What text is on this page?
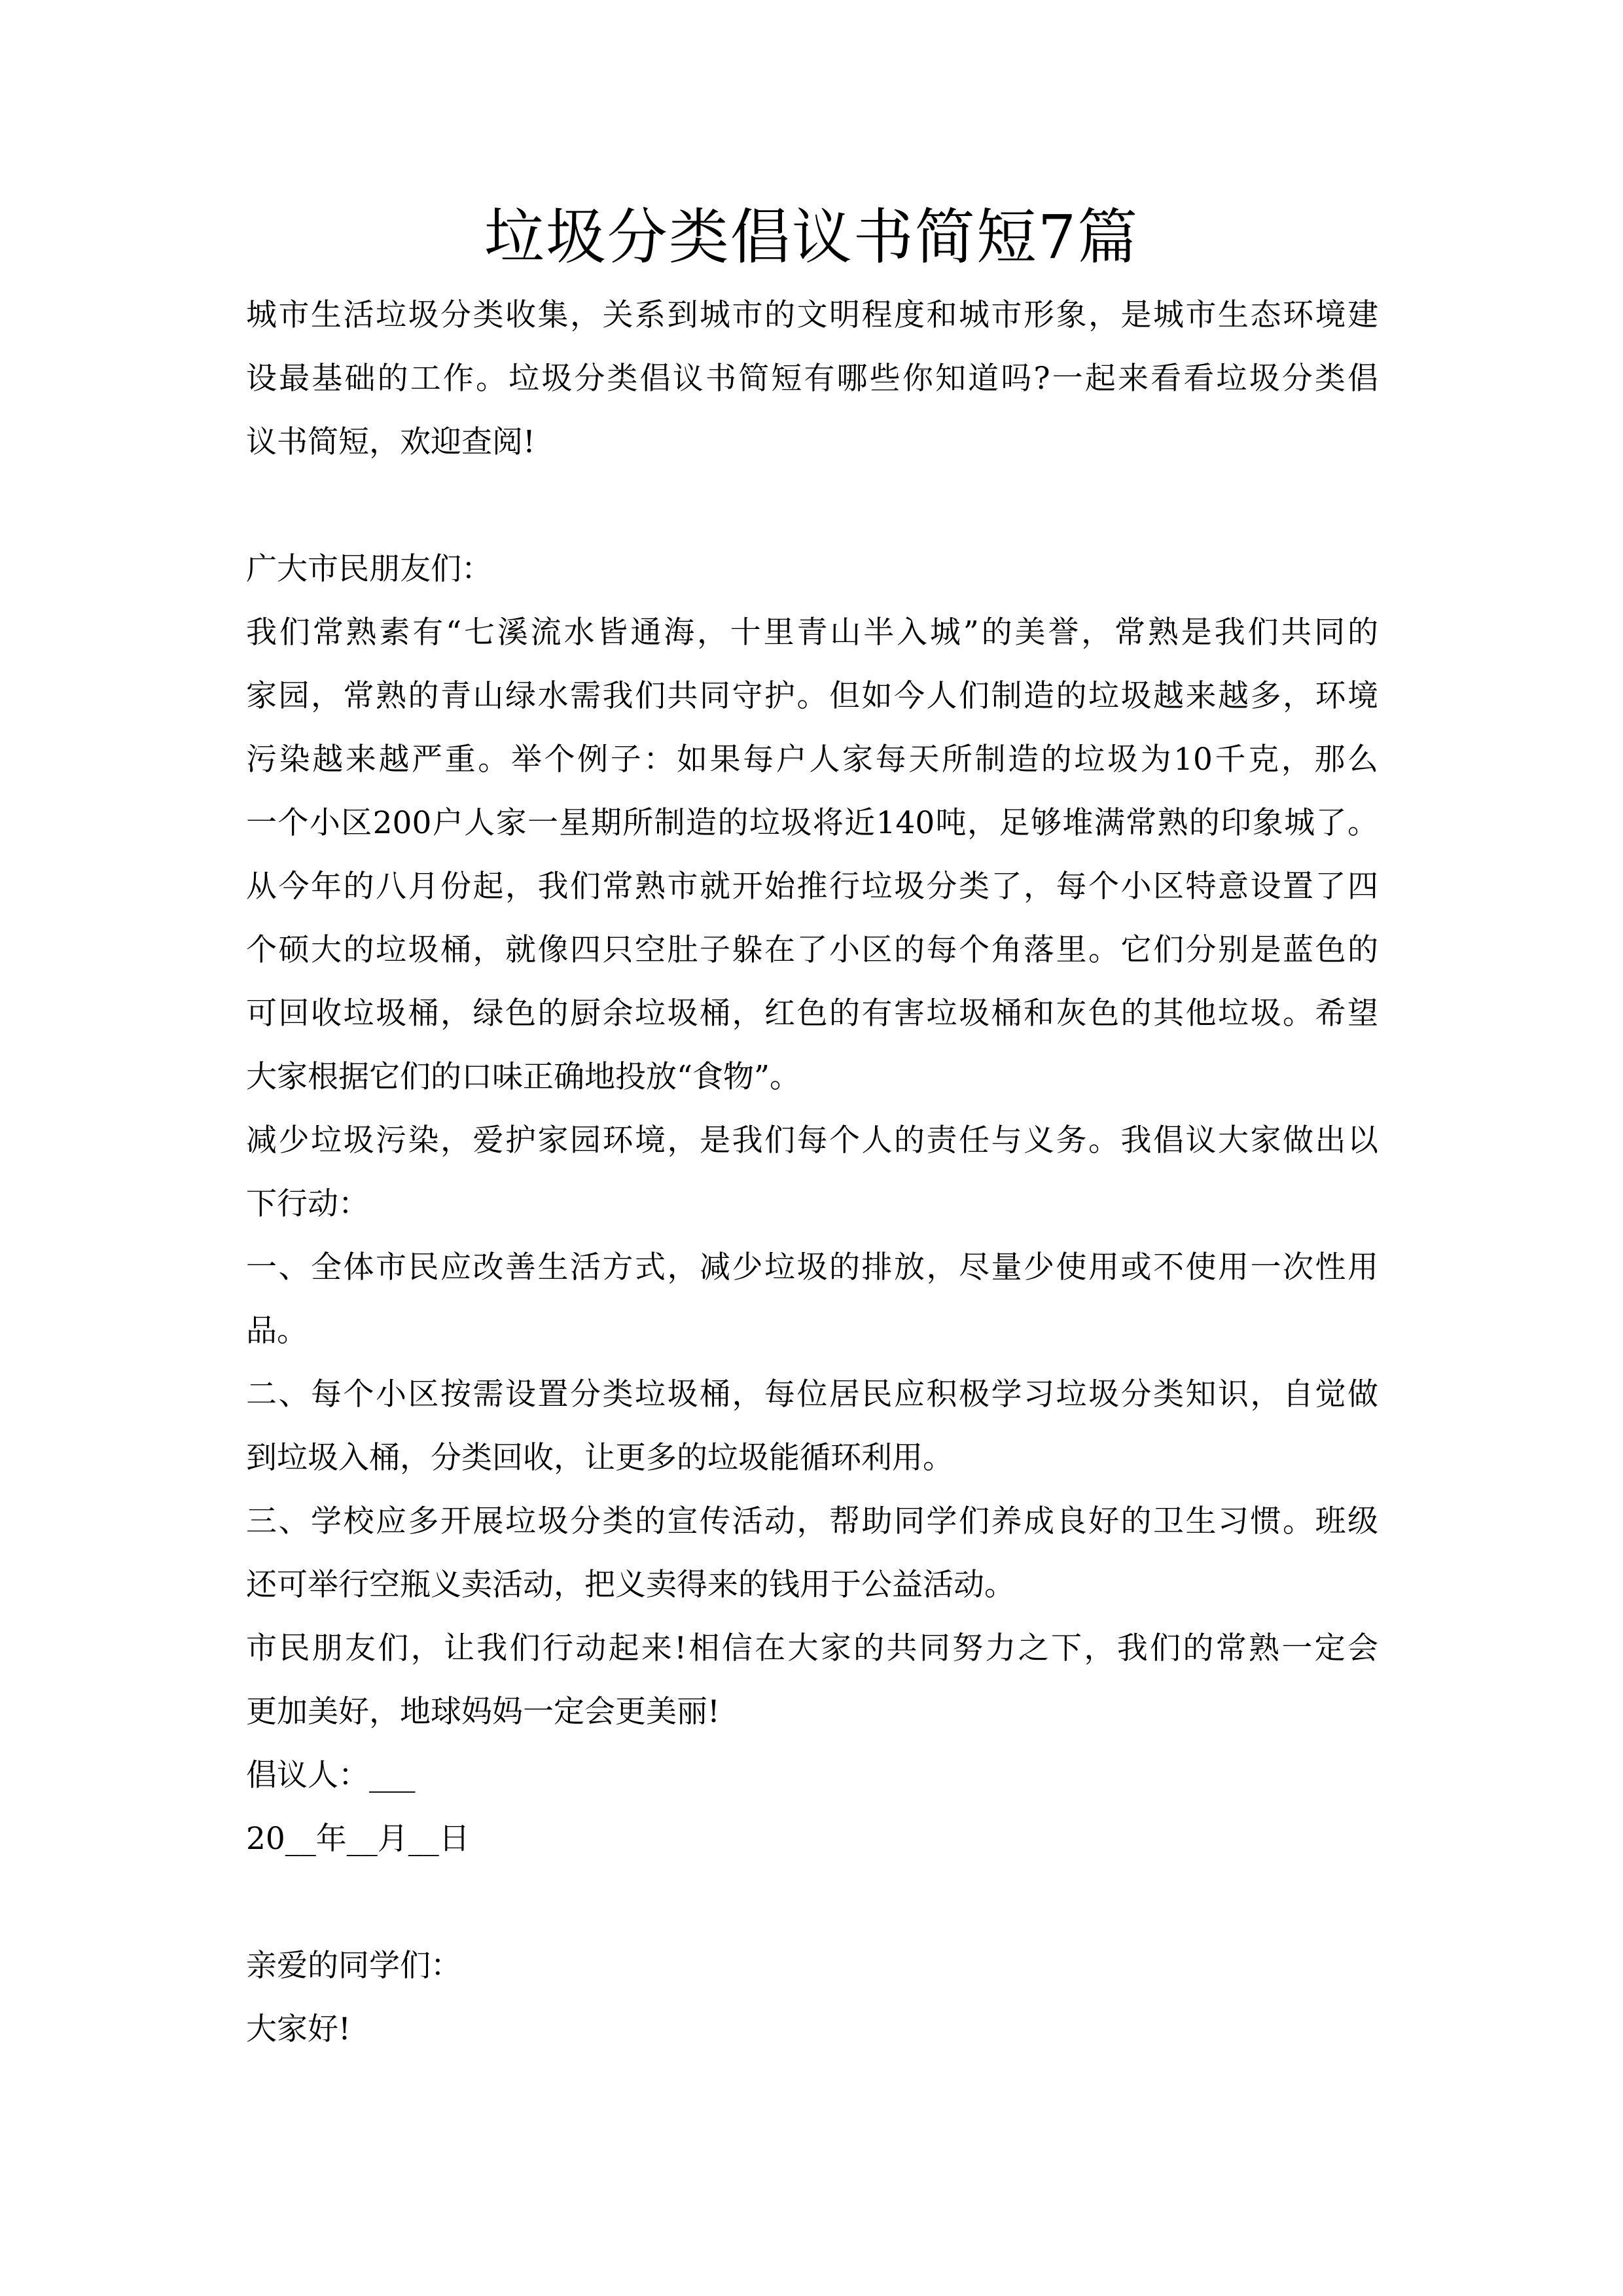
垃圾分类倡议书简短7篇
城市生活垃圾分类收集，关系到城市的文明程度和城市形象，是城市生态环境建
设最基础的工作。垃圾分类倡议书简短有哪些你知道吗?一起来看看垃圾分类倡
议书简短，欢迎查阅!
广大市民朋友们：
我们常熟素有“七溪流水皆通海，十里青山半入城”的美誉，常熟是我们共同的
家园，常熟的青山绿水需我们共同守护。但如今人们制造的垃圾越来越多，环境
污染越来越严重。举个例子：如果每户人家每天所制造的垃圾为10千克，那么
一个小区200户人家一星期所制造的垃圾将近140吨，足够堆满常熟的印象城了。
从今年的八月份起，我们常熟市就开始推行垃圾分类了，每个小区特意设置了四
个硕大的垃圾桶，就像四只空肚子躲在了小区的每个角落里。它们分别是蓝色的
可回收垃圾桶，绿色的厨余垃圾桶，红色的有害垃圾桶和灰色的其他垃圾。希望
大家根据它们的口味正确地投放“食物”。
减少垃圾污染，爱护家园环境，是我们每个人的责任与义务。我倡议大家做出以
下行动：
一、全体市民应改善生活方式，减少垃圾的排放，尽量少使用或不使用一次性用
品。
二、每个小区按需设置分类垃圾桶，每位居民应积极学习垃圾分类知识，自觉做
到垃圾入桶，分类回收，让更多的垃圾能循环利用。
三、学校应多开展垃圾分类的宣传活动，帮助同学们养成良好的卫生习惯。班级
还可举行空瓶义卖活动，把义卖得来的钱用于公益活动。
市民朋友们，让我们行动起来!相信在大家的共同努力之下，我们的常熟一定会
更加美好，地球妈妈一定会更美丽!
倡议人：___
20__年__月__日
亲爱的同学们：
大家好!
